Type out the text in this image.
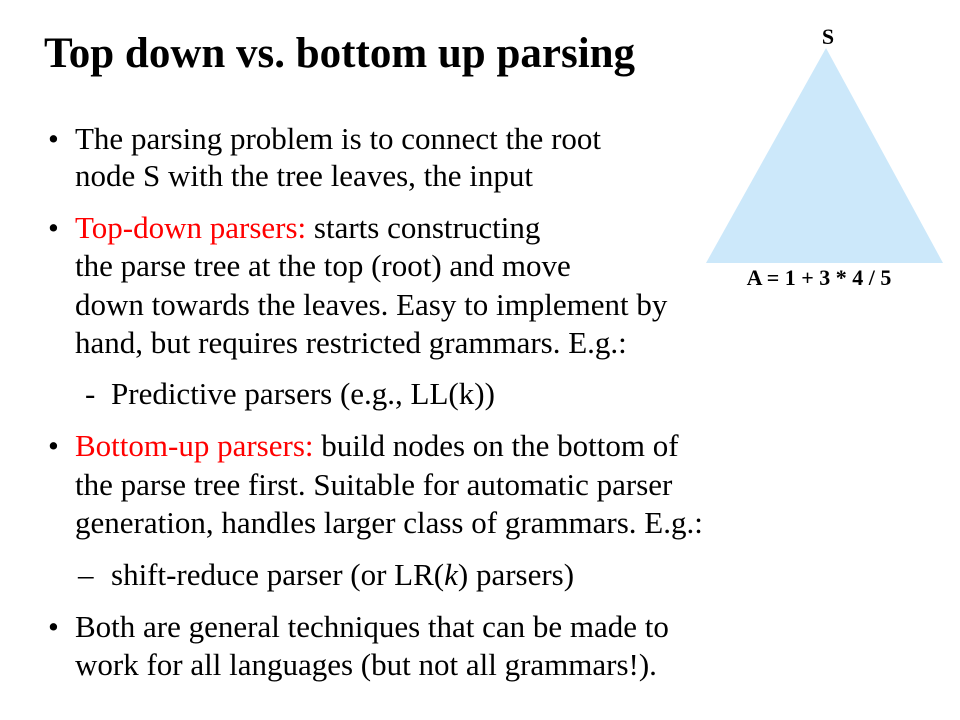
Top down vs. bottom up parsing	S
A = 1 + 3 * 4 / 5
• The parsing problem is to connect the root
node S with the tree leaves, the input
• Top-down parsers: starts constructing
the parse tree at the top (root) and move
down towards the leaves. Easy to implement by
hand, but requires restricted grammars. E.g.:
- Predictive parsers (e.g., LL(k))
• Bottom-up parsers: build nodes on the bottom of
the parse tree first. Suitable for automatic parser
generation, handles larger class of grammars. E.g.:
– shift-reduce parser (or LR(k) parsers)
• Both are general techniques that can be made to
work for all languages (but not all grammars!).
